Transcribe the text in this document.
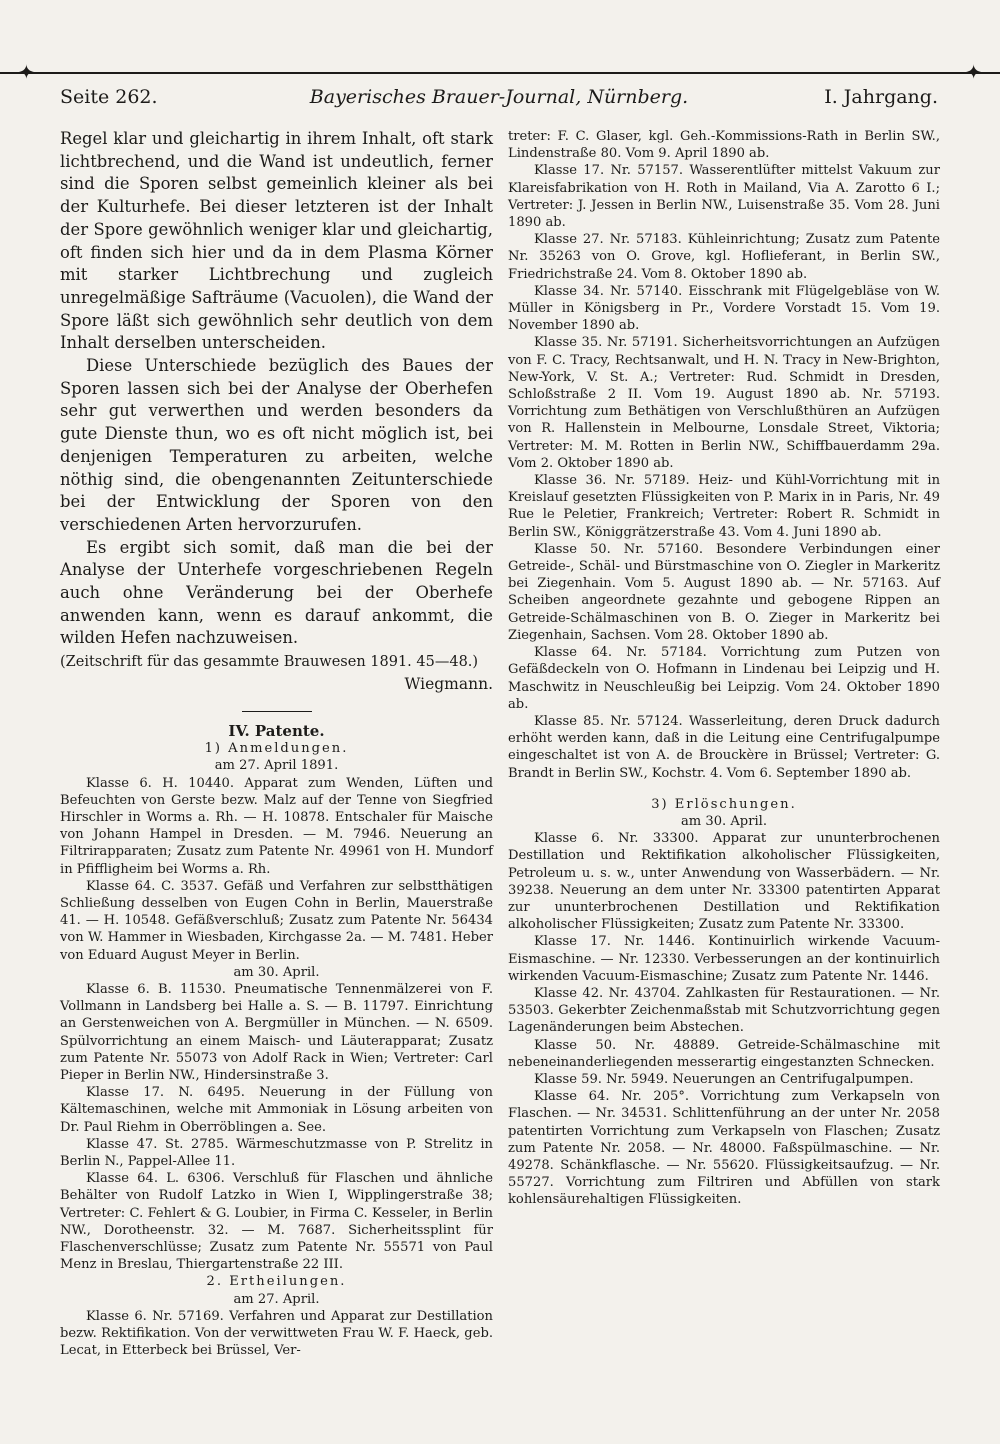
✦	✦
Seite 262.	Bayerisches Brauer-Journal, Nürnberg.	I. Jahrgang.

Regel klar und gleichartig in ihrem Inhalt, oft stark lichtbrechend, und die Wand ist undeutlich, ferner sind die Sporen selbst gemeinlich kleiner als bei der Kulturhefe. Bei dieser letzteren ist der Inhalt der Spore gewöhnlich weniger klar und gleichartig, oft finden sich hier und da in dem Plasma Körner mit starker Lichtbrechung und zugleich unregelmäßige Safträume (Vacuolen), die Wand der Spore läßt sich gewöhnlich sehr deutlich von dem Inhalt derselben unterscheiden.

Diese Unterschiede bezüglich des Baues der Sporen lassen sich bei der Analyse der Oberhefen sehr gut verwerthen und werden besonders da gute Dienste thun, wo es oft nicht möglich ist, bei denjenigen Temperaturen zu arbeiten, welche nöthig sind, die obengenannten Zeitunterschiede bei der Entwicklung der Sporen von den verschiedenen Arten hervorzurufen.

Es ergibt sich somit, daß man die bei der Analyse der Unterhefe vorgeschriebenen Regeln auch ohne Veränderung bei der Oberhefe anwenden kann, wenn es darauf ankommt, die wilden Hefen nachzuweisen.

(Zeitschrift für das gesammte Brauwesen 1891. 45—48.)

Wiegmann.

IV. Patente.

1) Anmeldungen.

am 27. April 1891.

Klasse 6. H. 10440. Apparat zum Wenden, Lüften und Befeuchten von Gerste bezw. Malz auf der Tenne von Siegfried Hirschler in Worms a. Rh. — H. 10878. Entschaler für Maische von Johann Hampel in Dresden. — M. 7946. Neuerung an Filtrirapparaten; Zusatz zum Patente Nr. 49961 von H. Mundorf in Pfiffligheim bei Worms a. Rh.

Klasse 64. C. 3537. Gefäß und Verfahren zur selbstthätigen Schließung desselben von Eugen Cohn in Berlin, Mauerstraße 41. — H. 10548. Gefäßverschluß; Zusatz zum Patente Nr. 56434 von W. Hammer in Wiesbaden, Kirchgasse 2a. — M. 7481. Heber von Eduard August Meyer in Berlin.

am 30. April.

Klasse 6. B. 11530. Pneumatische Tennenmälzerei von F. Vollmann in Landsberg bei Halle a. S. — B. 11797. Einrichtung an Gerstenweichen von A. Bergmüller in München. — N. 6509. Spülvorrichtung an einem Maisch- und Läuterapparat; Zusatz zum Patente Nr. 55073 von Adolf Rack in Wien; Vertreter: Carl Pieper in Berlin NW., Hindersinstraße 3.

Klasse 17. N. 6495. Neuerung in der Füllung von Kältemaschinen, welche mit Ammoniak in Lösung arbeiten von Dr. Paul Riehm in Oberröblingen a. See.

Klasse 47. St. 2785. Wärmeschutzmasse von P. Strelitz in Berlin N., Pappel-Allee 11.

Klasse 64. L. 6306. Verschluß für Flaschen und ähnliche Behälter von Rudolf Latzko in Wien I, Wipplingerstraße 38; Vertreter: C. Fehlert & G. Loubier, in Firma C. Kesseler, in Berlin NW., Dorotheenstr. 32. — M. 7687. Sicherheitssplint für Flaschenverschlüsse; Zusatz zum Patente Nr. 55571 von Paul Menz in Breslau, Thiergartenstraße 22 III.

2. Ertheilungen.

am 27. April.

Klasse 6. Nr. 57169. Verfahren und Apparat zur Destillation bezw. Rektifikation. Von der verwittweten Frau W. F. Haeck, geb. Lecat, in Etterbeck bei Brüssel, Ver-

treter: F. C. Glaser, kgl. Geh.-Kommissions-Rath in Berlin SW., Lindenstraße 80. Vom 9. April 1890 ab.

Klasse 17. Nr. 57157. Wasserentlüfter mittelst Vakuum zur Klareisfabrikation von H. Roth in Mailand, Via A. Zarotto 6 I.; Vertreter: J. Jessen in Berlin NW., Luisenstraße 35. Vom 28. Juni 1890 ab.

Klasse 27. Nr. 57183. Kühleinrichtung; Zusatz zum Patente Nr. 35263 von O. Grove, kgl. Hoflieferant, in Berlin SW., Friedrichstraße 24. Vom 8. Oktober 1890 ab.

Klasse 34. Nr. 57140. Eisschrank mit Flügelgebläse von W. Müller in Königsberg in Pr., Vordere Vorstadt 15. Vom 19. November 1890 ab.

Klasse 35. Nr. 57191. Sicherheitsvorrichtungen an Aufzügen von F. C. Tracy, Rechtsanwalt, und H. N. Tracy in New-Brighton, New-York, V. St. A.; Vertreter: Rud. Schmidt in Dresden, Schloßstraße 2 II. Vom 19. August 1890 ab. Nr. 57193. Vorrichtung zum Bethätigen von Verschlußthüren an Aufzügen von R. Hallenstein in Melbourne, Lonsdale Street, Viktoria; Vertreter: M. M. Rotten in Berlin NW., Schiffbauerdamm 29a. Vom 2. Oktober 1890 ab.

Klasse 36. Nr. 57189. Heiz- und Kühl-Vorrichtung mit in Kreislauf gesetzten Flüssigkeiten von P. Marix in in Paris, Nr. 49 Rue le Peletier, Frankreich; Vertreter: Robert R. Schmidt in Berlin SW., Königgrätzerstraße 43. Vom 4. Juni 1890 ab.

Klasse 50. Nr. 57160. Besondere Verbindungen einer Getreide-, Schäl- und Bürstmaschine von O. Ziegler in Markeritz bei Ziegenhain. Vom 5. August 1890 ab. — Nr. 57163. Auf Scheiben angeordnete gezahnte und gebogene Rippen an Getreide-Schälmaschinen von B. O. Zieger in Markeritz bei Ziegenhain, Sachsen. Vom 28. Oktober 1890 ab.

Klasse 64. Nr. 57184. Vorrichtung zum Putzen von Gefäßdeckeln von O. Hofmann in Lindenau bei Leipzig und H. Maschwitz in Neuschleußig bei Leipzig. Vom 24. Oktober 1890 ab.

Klasse 85. Nr. 57124. Wasserleitung, deren Druck dadurch erhöht werden kann, daß in die Leitung eine Centrifugalpumpe eingeschaltet ist von A. de Brouckère in Brüssel; Vertreter: G. Brandt in Berlin SW., Kochstr. 4. Vom 6. September 1890 ab.

3) Erlöschungen.

am 30. April.

Klasse 6. Nr. 33300. Apparat zur ununterbrochenen Destillation und Rektifikation alkoholischer Flüssigkeiten, Petroleum u. s. w., unter Anwendung von Wasserbädern. — Nr. 39238. Neuerung an dem unter Nr. 33300 patentirten Apparat zur ununterbrochenen Destillation und Rektifikation alkoholischer Flüssigkeiten; Zusatz zum Patente Nr. 33300.

Klasse 17. Nr. 1446. Kontinuirlich wirkende Vacuum-Eismaschine. — Nr. 12330. Verbesserungen an der kontinuirlich wirkenden Vacuum-Eismaschine; Zusatz zum Patente Nr. 1446.

Klasse 42. Nr. 43704. Zahlkasten für Restaurationen. — Nr. 53503. Gekerbter Zeichenmaßstab mit Schutzvorrichtung gegen Lagenänderungen beim Abstechen.

Klasse 50. Nr. 48889. Getreide-Schälmaschine mit nebeneinanderliegenden messerartig eingestanzten Schnecken.

Klasse 59. Nr. 5949. Neuerungen an Centrifugalpumpen.

Klasse 64. Nr. 205°. Vorrichtung zum Verkapseln von Flaschen. — Nr. 34531. Schlittenführung an der unter Nr. 2058 patentirten Vorrichtung zum Verkapseln von Flaschen; Zusatz zum Patente Nr. 2058. — Nr. 48000. Faßspülmaschine. — Nr. 49278. Schänkflasche. — Nr. 55620. Flüssigkeitsaufzug. — Nr. 55727. Vorrichtung zum Filtriren und Abfüllen von stark kohlensäurehaltigen Flüssigkeiten.
